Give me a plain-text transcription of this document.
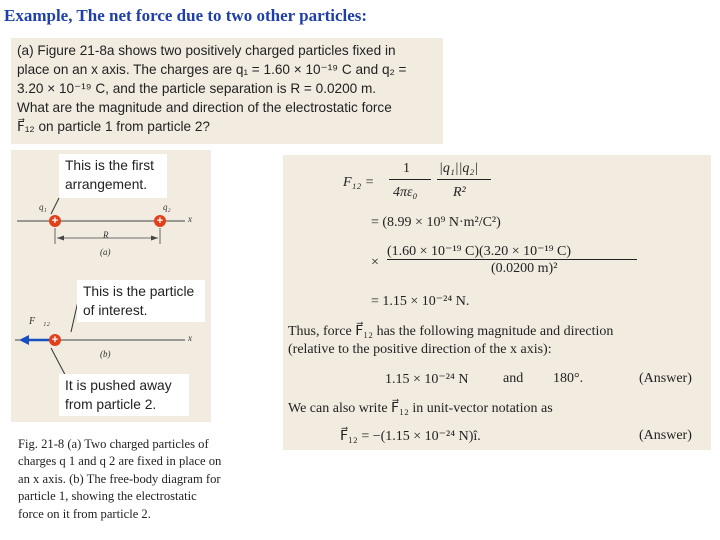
Example, The net force due to two other particles:
(a) Figure 21-8a shows two positively charged particles fixed in
place on an x axis. The charges are q₁ = 1.60 × 10⁻¹⁹ C and q₂ =
3.20 × 10⁻¹⁹ C, and the particle separation is R = 0.0200 m.
What are the magnitude and direction of the electrostatic force
F⃗₁₂ on particle 1 from particle 2?
This is the first
arrangement.
q₁	q₂
x
+	+
R
(a)
This is the particle
of interest.
F⃗₁₂
x
+
(b)
It is pushed away
from particle 2.
Fig. 21-8 (a) Two charged particles of
charges q 1 and q 2 are fixed in place on
an x axis. (b) The free-body diagram for
particle 1, showing the electrostatic
force on it from particle 2.
F₁₂ =
1 |q₁||q₂|
4πε₀	R²
= (8.99 × 10⁹ N·m²/C²)
(1.60 × 10⁻¹⁹ C)(3.20 × 10⁻¹⁹ C)
×	(0.0200 m)²
= 1.15 × 10⁻²⁴ N.
Thus, force F⃗₁₂ has the following magnitude and direction
(relative to the positive direction of the x axis):
1.15 × 10⁻²⁴ N and 180°.	(Answer)
We can also write F⃗₁₂ in unit-vector notation as
F⃗₁₂ = −(1.15 × 10⁻²⁴ N)î.	(Answer)
